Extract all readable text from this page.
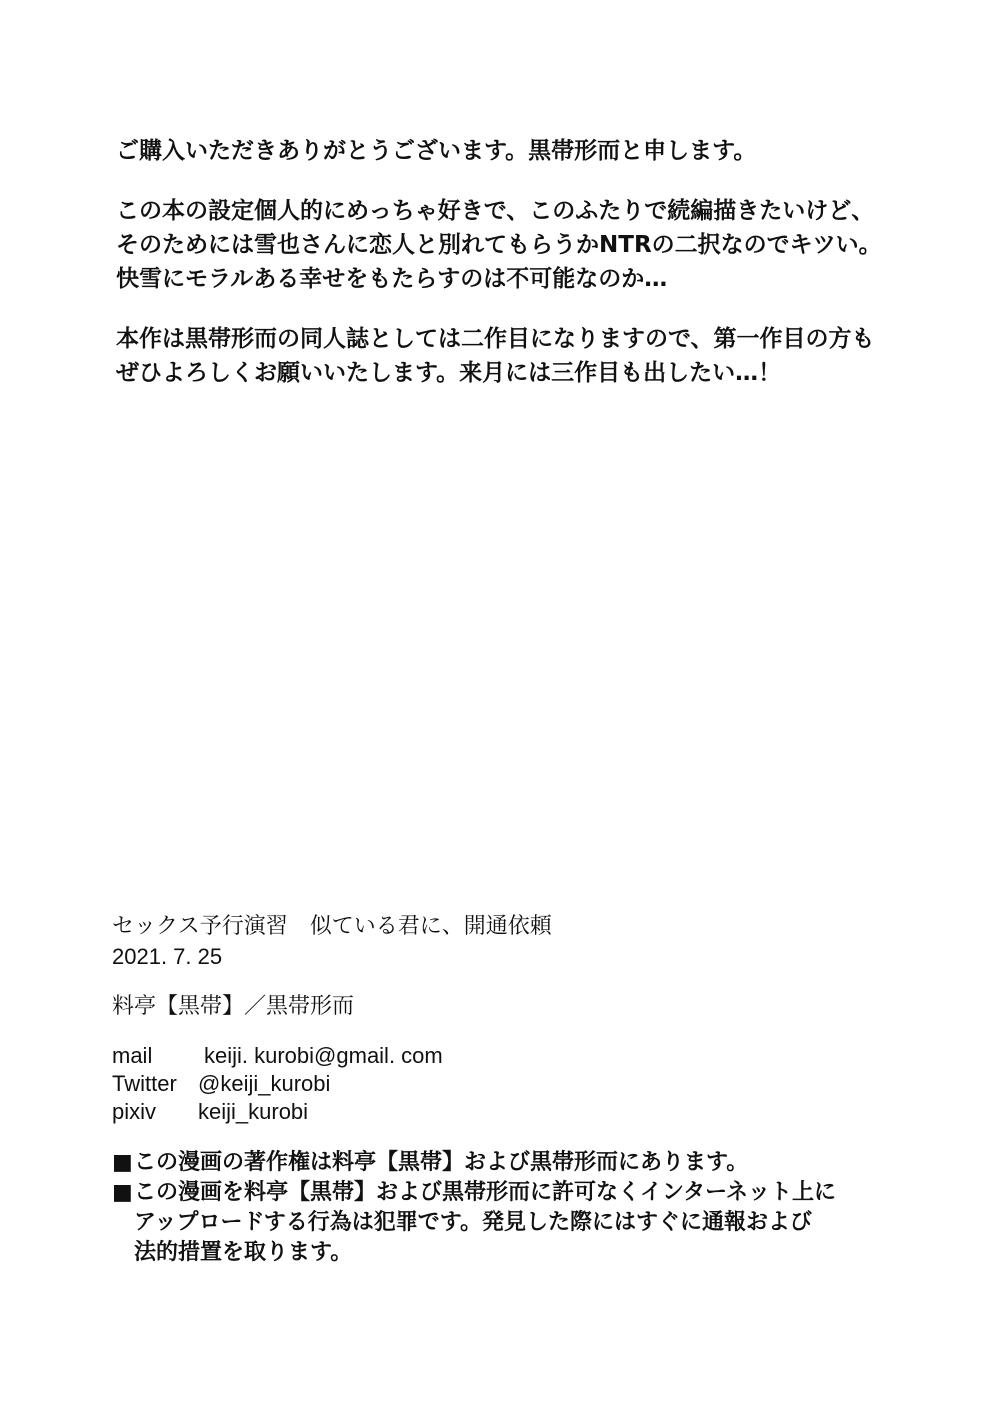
ご購入いただきありがとうございます。黒帯形而と申します。

この本の設定個人的にめっちゃ好きで、このふたりで続編描きたいけど、
そのためには雪也さんに恋人と別れてもらうかNTRの二択なのでキツい。
快雪にモラルある幸せをもたらすのは不可能なのか…

本作は黒帯形而の同人誌としては二作目になりますので、第一作目の方も
ぜひよろしくお願いいたします。来月には三作目も出したい…！

セックス予行演習　似ている君に、開通依頼
2021. 7. 25
料亭【黒帯】／黒帯形而
mail	keiji. kurobi@gmail. com
Twitter @keiji_kurobi
pixiv	keiji_kurobi
■ この漫画の著作権は料亭【黒帯】および黒帯形而にあります。
■ この漫画を料亭【黒帯】および黒帯形而に許可なくインターネット上に
アップロードする行為は犯罪です。発見した際にはすぐに通報および
法的措置を取ります。
